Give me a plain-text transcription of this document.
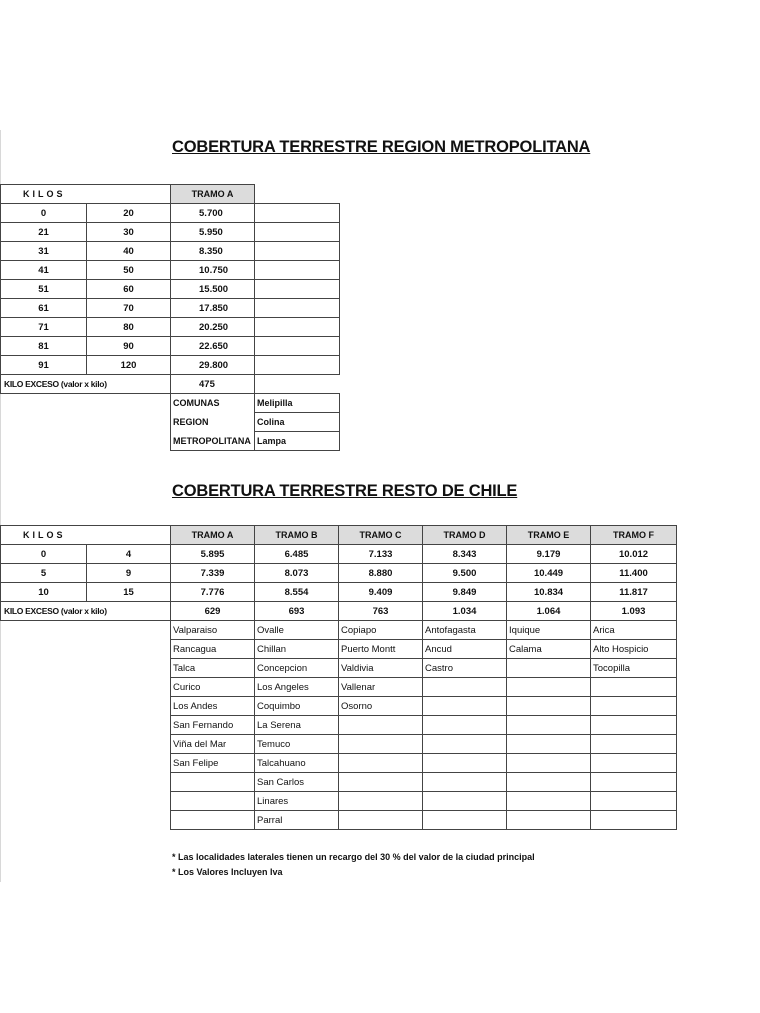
COBERTURA TERRESTRE REGION METROPOLITANA
KILOS		TRAMO A	
0	20	5.700	
21	30	5.950	
31	40	8.350	
41	50	10.750	
51	60	15.500	
61	70	17.850	
71	80	20.250	
81	90	22.650	
91	120	29.800	
KILO EXCESO (valor x kilo)		475	
		COMUNAS	Melipilla
		REGION	Colina
		METROPOLITANA	Lampa
COBERTURA TERRESTRE RESTO DE CHILE
KILOS		TRAMO A	TRAMO B	TRAMO C	TRAMO D	TRAMO E	TRAMO F
0	4	5.895	6.485	7.133	8.343	9.179	10.012
5	9	7.339	8.073	8.880	9.500	10.449	11.400
10	15	7.776	8.554	9.409	9.849	10.834	11.817
KILO EXCESO (valor x kilo)		629	693	763	1.034	1.064	1.093
		Valparaiso	Ovalle	Copiapo	Antofagasta	Iquique	Arica
		Rancagua	Chillan	Puerto Montt	Ancud	Calama	Alto Hospicio
		Talca	Concepcion	Valdivia	Castro		Tocopilla
		Curico	Los Angeles	Vallenar			
		Los Andes	Coquimbo	Osorno			
		San Fernando	La Serena				
		Viña del Mar	Temuco				
		San Felipe	Talcahuano				
			San Carlos				
			Linares				
			Parral				
* Las localidades laterales tienen un recargo del 30 % del valor de la ciudad principal
* Los Valores Incluyen Iva
